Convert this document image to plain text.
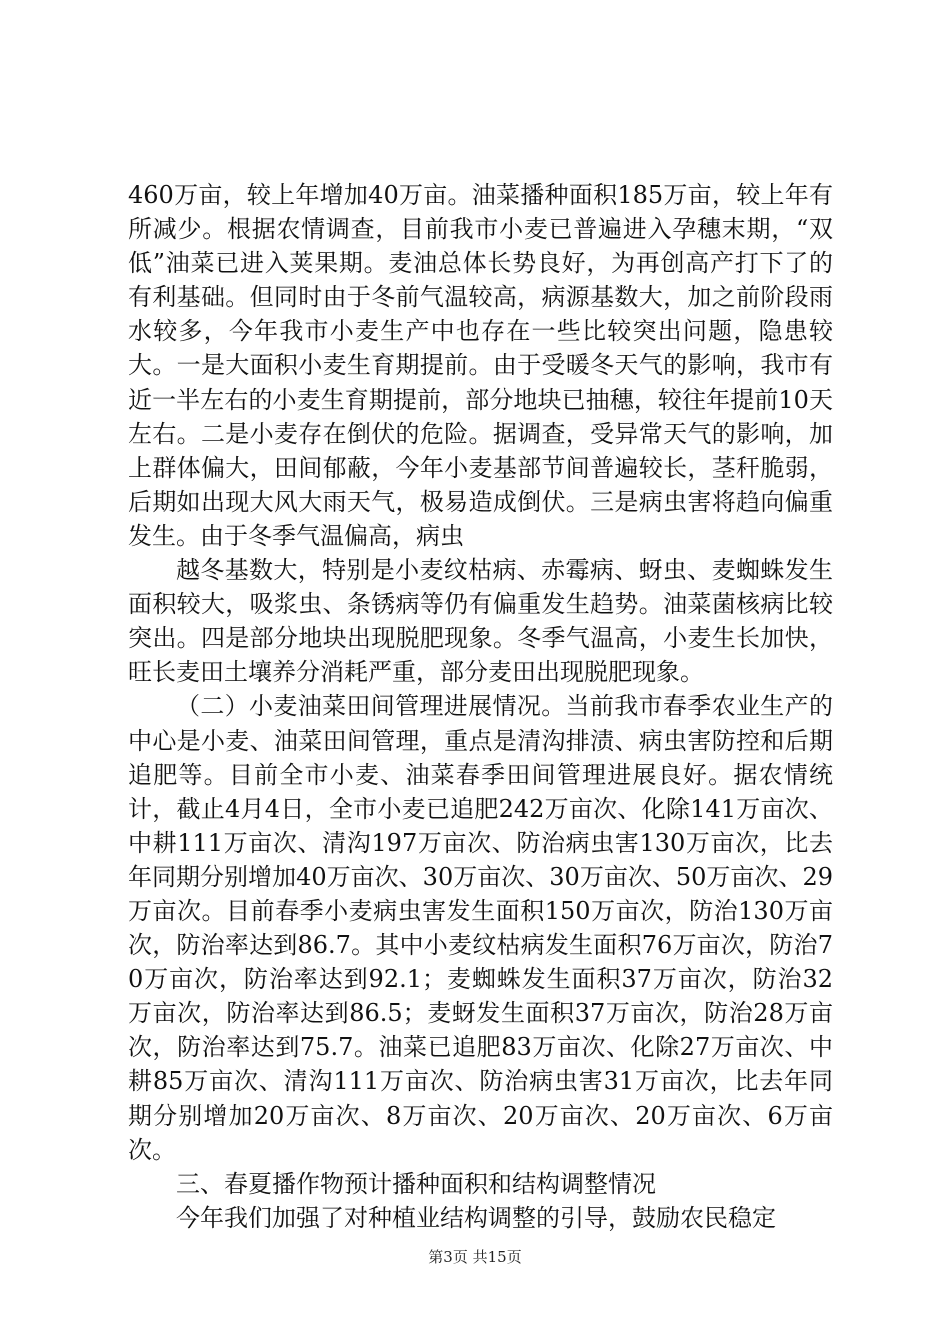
460万亩，较上年增加40万亩。油菜播种面积185万亩，较上年有所减少。根据农情调查，目前我市小麦已普遍进入孕穗末期，“双低”油菜已进入荚果期。麦油总体长势良好，为再创高产打下了的有利基础。但同时由于冬前气温较高，病源基数大，加之前阶段雨水较多，今年我市小麦生产中也存在一些比较突出问题，隐患较大。一是大面积小麦生育期提前。由于受暖冬天气的影响，我市有近一半左右的小麦生育期提前，部分地块已抽穗，较往年提前10天左右。二是小麦存在倒伏的危险。据调查，受异常天气的影响，加上群体偏大，田间郁蔽，今年小麦基部节间普遍较长，茎秆脆弱，后期如出现大风大雨天气，极易造成倒伏。三是病虫害将趋向偏重发生。由于冬季气温偏高，病虫

越冬基数大，特别是小麦纹枯病、赤霉病、蚜虫、麦蜘蛛发生面积较大，吸浆虫、条锈病等仍有偏重发生趋势。油菜菌核病比较突出。四是部分地块出现脱肥现象。冬季气温高，小麦生长加快，旺长麦田土壤养分消耗严重，部分麦田出现脱肥现象。

（二）小麦油菜田间管理进展情况。当前我市春季农业生产的中心是小麦、油菜田间管理，重点是清沟排渍、病虫害防控和后期追肥等。目前全市小麦、油菜春季田间管理进展良好。据农情统计，截止4月4日，全市小麦已追肥242万亩次、化除141万亩次、中耕111万亩次、清沟197万亩次、防治病虫害130万亩次，比去年同期分别增加40万亩次、30万亩次、30万亩次、50万亩次、29万亩次。目前春季小麦病虫害发生面积150万亩次，防治130万亩次，防治率达到86.7。其中小麦纹枯病发生面积76万亩次，防治70万亩次，防治率达到92.1；麦蜘蛛发生面积37万亩次，防治32万亩次，防治率达到86.5；麦蚜发生面积37万亩次，防治28万亩次，防治率达到75.7。油菜已追肥83万亩次、化除27万亩次、中耕85万亩次、清沟111万亩次、防治病虫害31万亩次，比去年同期分别增加20万亩次、8万亩次、20万亩次、20万亩次、6万亩次。

三、春夏播作物预计播种面积和结构调整情况

今年我们加强了对种植业结构调整的引导，鼓励农民稳定

第3页 共15页
